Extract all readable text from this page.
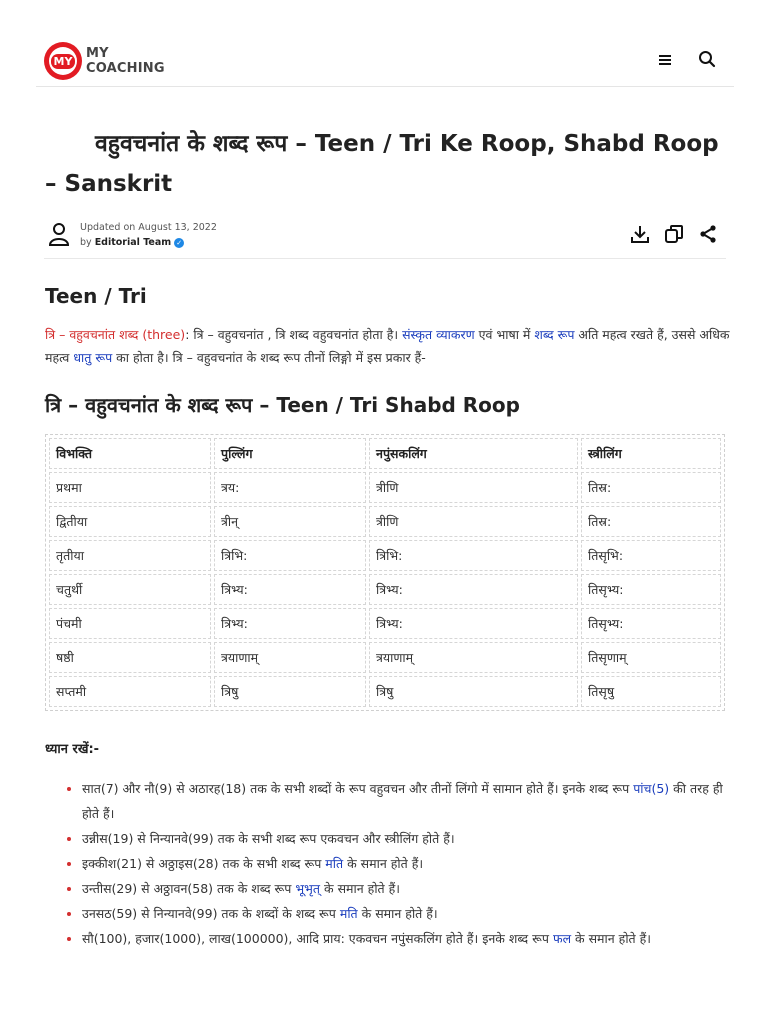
MY MY
COACHING
वहुवचनांत के शब्द रूप – Teen / Tri Ke Roop, Shabd Roop – Sanskrit
Updated on August 13, 2022
by Editorial Team ✓
Teen / Tri

त्रि – वहुवचनांत शब्द (three): त्रि – वहुवचनांत , त्रि शब्द वहुवचनांत होता है। संस्कृत व्याकरण एवं भाषा में शब्द रूप अति महत्व रखते हैं, उससे अधिक महत्व धातु रूप का होता है। त्रि – वहुवचनांत के शब्द रूप तीनों लिङ्गो में इस प्रकार हैं-

त्रि – वहुवचनांत के शब्द रूप – Teen / Tri Shabd Roop
विभक्ति	पुल्लिंग	नपुंसकलिंग	स्त्रीलिंग
प्रथमा	त्रय:	त्रीणि	तिस्र:
द्वितीया	त्रीन्	त्रीणि	तिस्र:
तृतीया	त्रिभि:	त्रिभि:	तिसृभि:
चतुर्थी	त्रिभ्य:	त्रिभ्य:	तिसृभ्य:
पंचमी	त्रिभ्य:	त्रिभ्य:	तिसृभ्य:
षष्ठी	त्रयाणाम्	त्रयाणाम्	तिसृणाम्
सप्तमी	त्रिषु	त्रिषु	तिसृषु
ध्यान रखें:-
• सात(7) और नौ(9) से अठारह(18) तक के सभी शब्दों के रूप वहुवचन और तीनों लिंगो में सामान होते हैं। इनके शब्द रूप पांच(5) की तरह ही होते हैं।
• उन्नीस(19) से निन्यानवे(99) तक के सभी शब्द रूप एकवचन और स्त्रीलिंग होते हैं।
• इक्कीश(21) से अठ्ठाइस(28) तक के सभी शब्द रूप मति के समान होते हैं।
• उन्तीस(29) से अठ्ठावन(58) तक के शब्द रूप भूभृत् के समान होते हैं।
• उनसठ(59) से निन्यानवे(99) तक के शब्दों के शब्द रूप मति के समान होते हैं।
• सौ(100), हजार(1000), लाख(100000), आदि प्राय: एकवचन नपुंसकलिंग होते हैं। इनके शब्द रूप फल के समान होते हैं।
